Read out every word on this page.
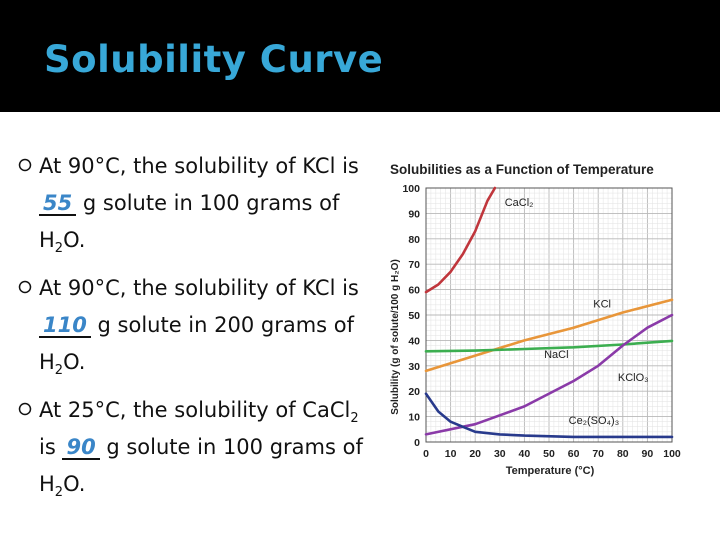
Solubility Curve
At 90°C, the solubility of KCl is 55 g solute in 100 grams of $H_2O$.
At 90°C, the solubility of KCl is 110 g solute in 200 grams of $H_2O$.
At 25°C, the solubility of CaCl$_2$ is 90 g solute in 100 grams of $H_2O$.
Solubilities as a Function of Temperature
Solubility (g of solute/100 g H₂O)
Temperature (°C)
0 10 20 30 40 50 60 70 80 90 100
0
10
20
30
40
50
60
70
80
90
100
CaCl₂
KCl
NaCl
KClO₃
Ce₂(SO₄)₃
